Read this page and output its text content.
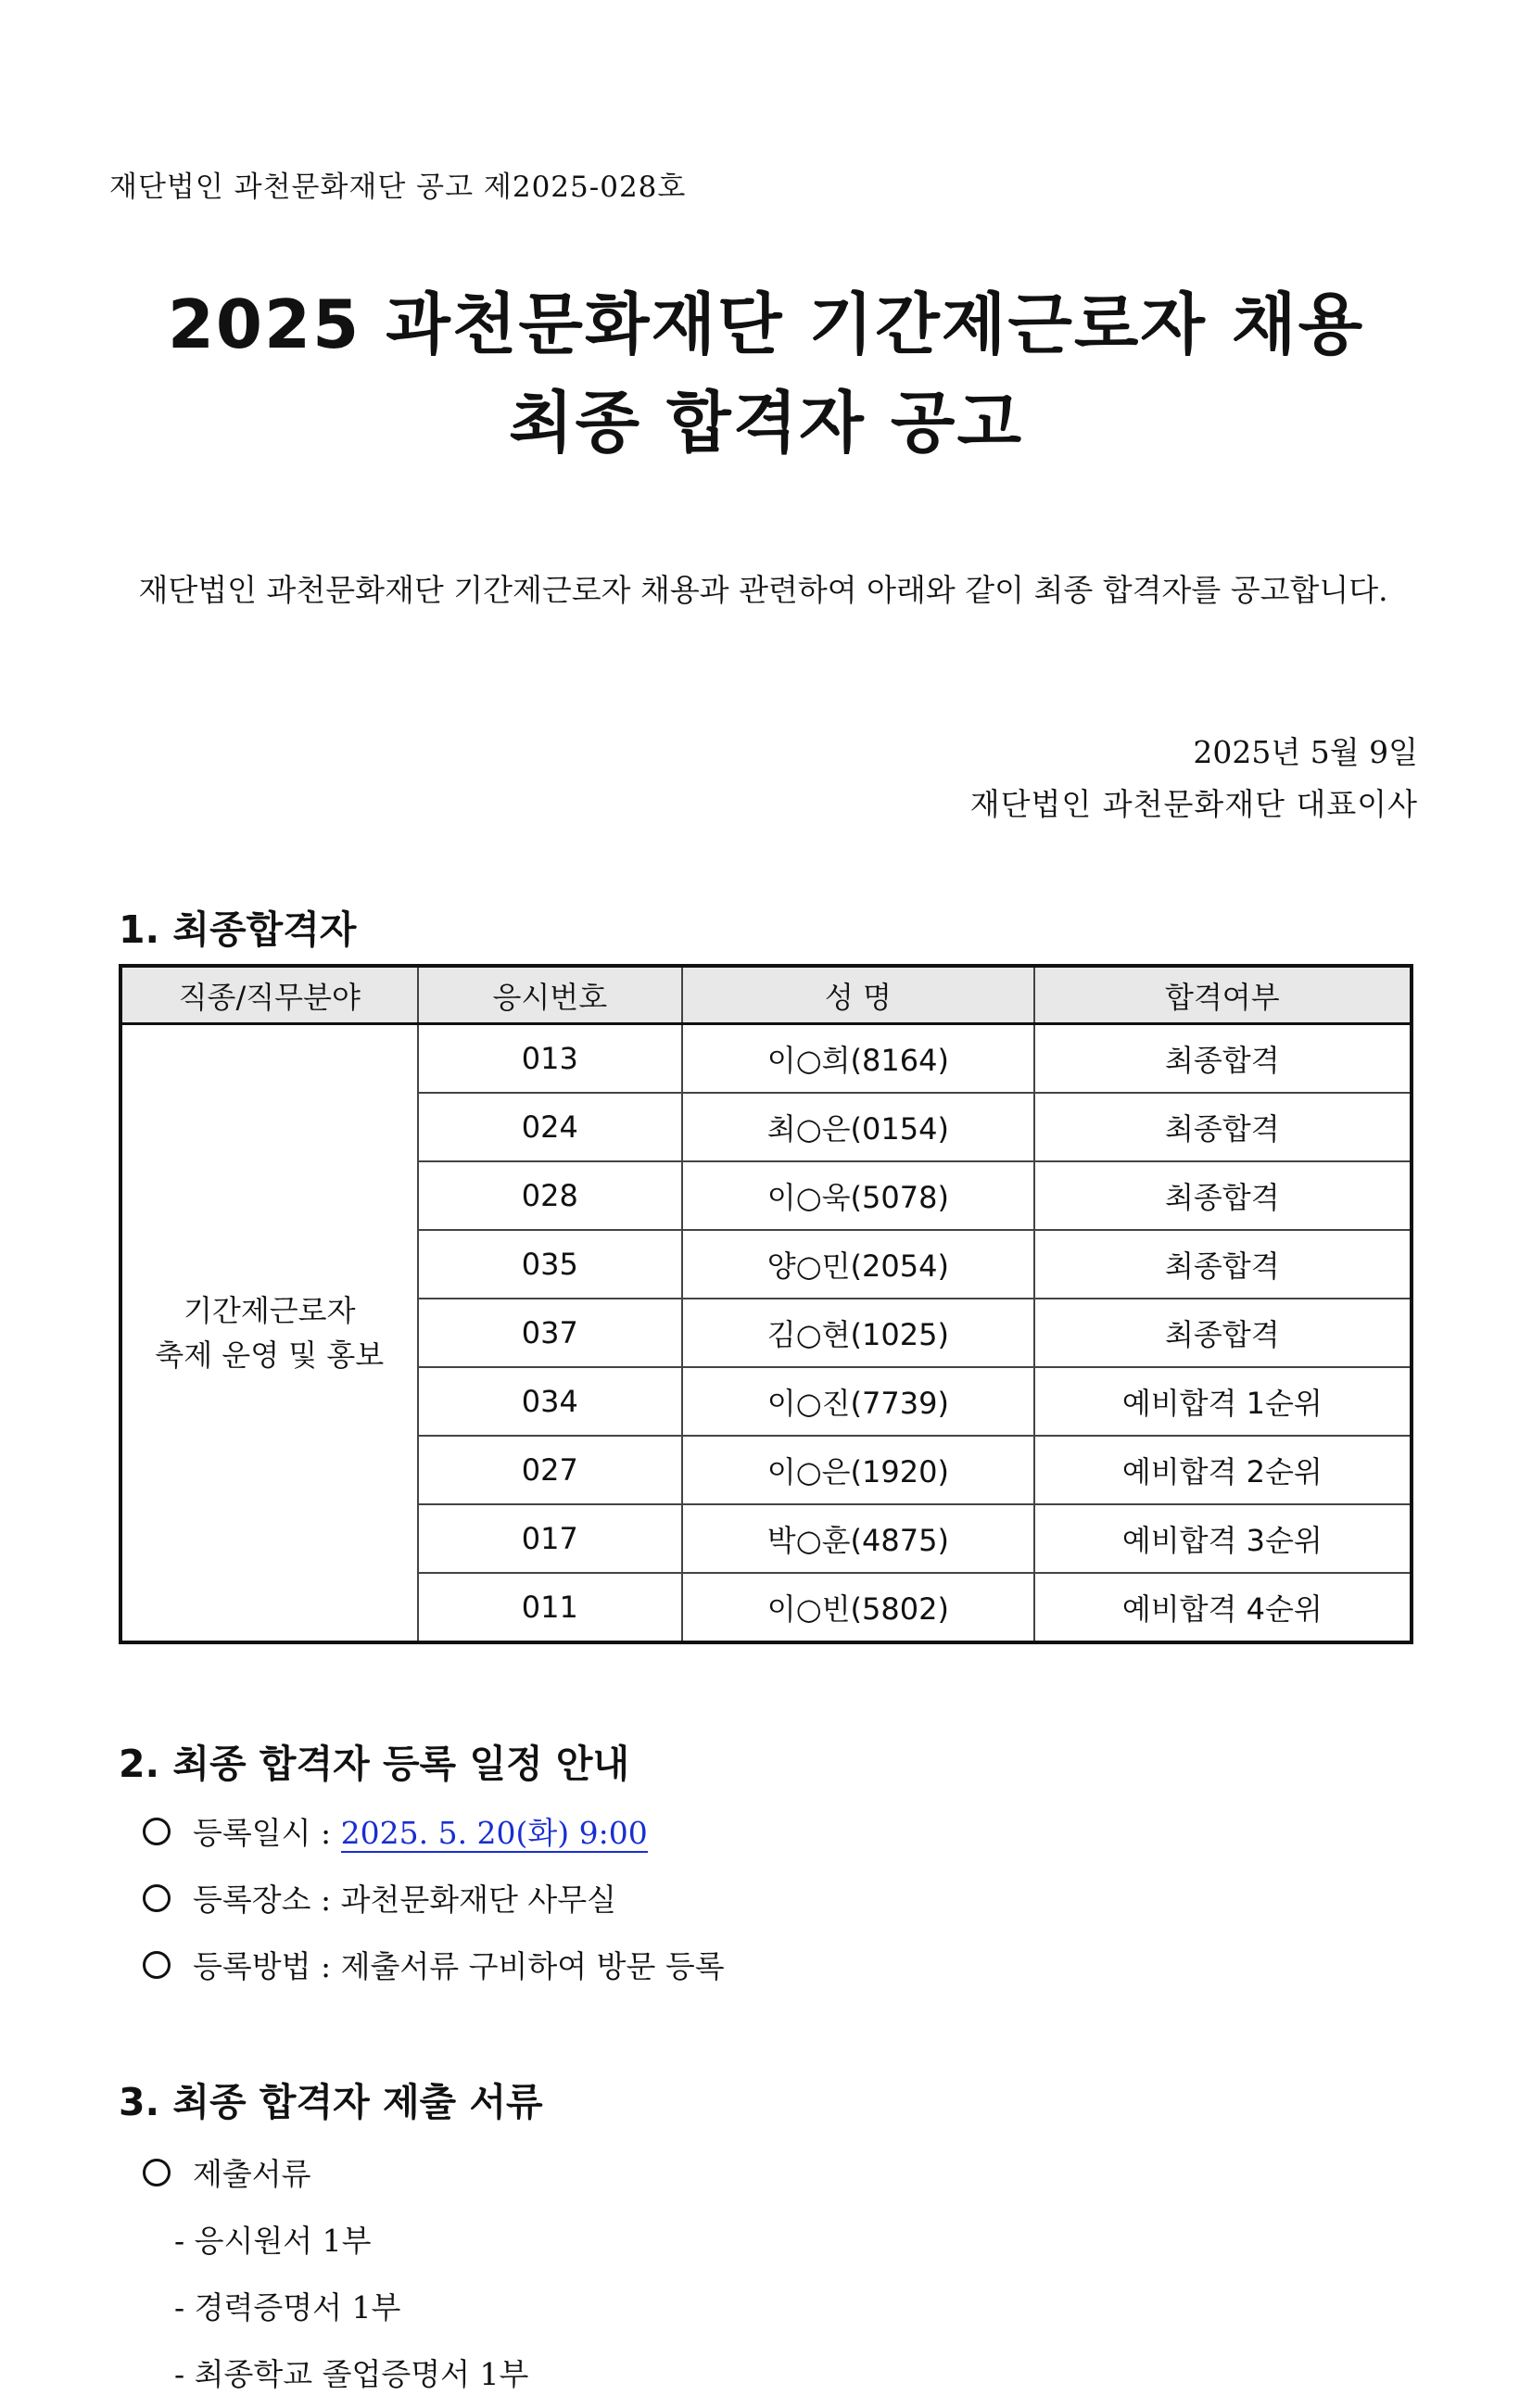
재단법인 과천문화재단 공고 제2025-028호
2025 과천문화재단 기간제근로자 채용
최종 합격자 공고
재단법인 과천문화재단 기간제근로자 채용과 관련하여 아래와 같이 최종 합격자를 공고합니다.
2025년 5월 9일
재단법인 과천문화재단 대표이사
1. 최종합격자
직종/직무분야	응시번호	성 명	합격여부

기간제근로자
축제 운영 및 홍보	013	이○희(8164)	최종합격
	024	최○은(0154)	최종합격
	028	이○욱(5078)	최종합격
	035	양○민(2054)	최종합격
	037	김○현(1025)	최종합격
	034	이○진(7739)	예비합격 1순위
	027	이○은(1920)	예비합격 2순위
	017	박○훈(4875)	예비합격 3순위
	011	이○빈(5802)	예비합격 4순위
2. 최종 합격자 등록 일정 안내
등록일시 : 2025. 5. 20(화) 9:00
등록장소 : 과천문화재단 사무실
등록방법 : 제출서류 구비하여 방문 등록
3. 최종 합격자 제출 서류
제출서류
- 응시원서 1부
- 경력증명서 1부
- 최종학교 졸업증명서 1부
